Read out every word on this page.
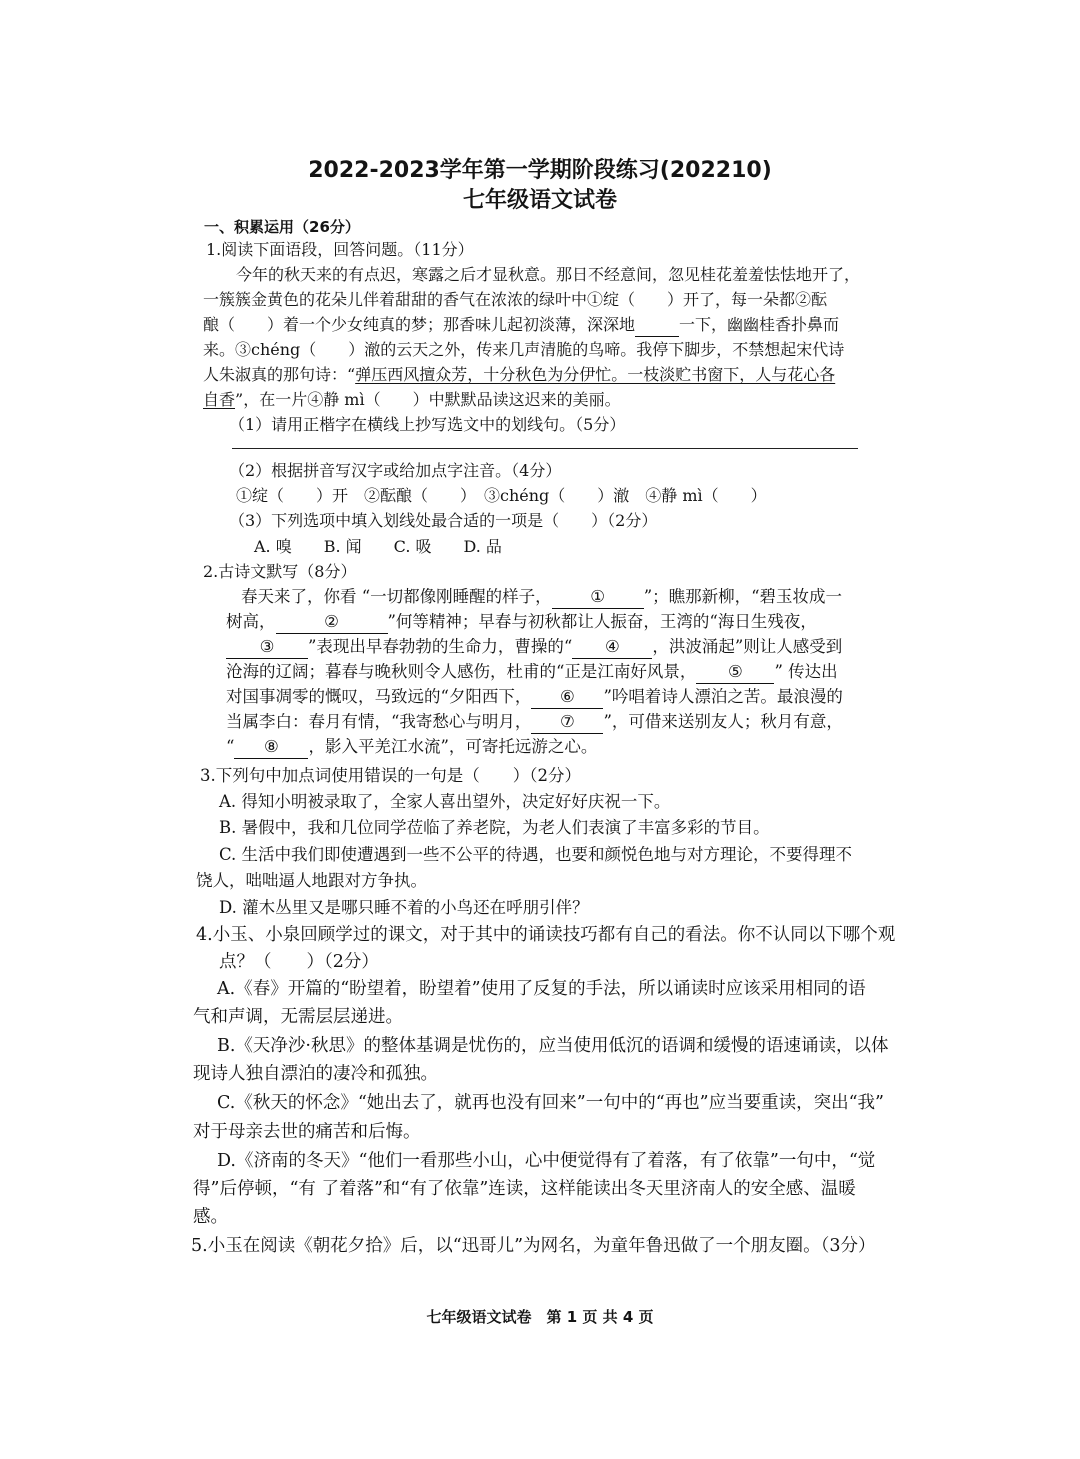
2022-2023学年第一学期阶段练习(202210)
七年级语文试卷
一、积累运用（26分）
1.阅读下面语段，回答问题。（11分）
今年的秋天来的有点迟，寒露之后才显秋意。那日不经意间，忽见桂花羞羞怯怯地开了，
一簇簇金黄色的花朵儿伴着甜甜的香气在浓浓的绿叶中①绽（　　）开了，每一朵都②酝
酿（　　）着一个少女纯真的梦；那香味儿起初淡薄，深深地	一下，幽幽桂香扑鼻而
来。③chéng（　　）澈的云天之外，传来几声清脆的鸟啼。我停下脚步，不禁想起宋代诗
人朱淑真的那句诗：“弹压西风擅众芳，十分秋色为分伊忙。一枝淡贮书窗下，人与花心各
自香”，在一片④静 mì（　　）中默默品读这迟来的美丽。
（1）请用正楷字在横线上抄写选文中的划线句。（5分）
（2）根据拼音写汉字或给加点字注音。（4分）
①绽（　　）开　②酝酿（　　）　③chéng（　　）澈　④静 mì（　　）
（3）下列选项中填入划线处最合适的一项是（　　）（2分）
A. 嗅　　B. 闻　　C. 吸　　D. 品
2.古诗文默写（8分）
春天来了，你看 “一切都像刚睡醒的样子， ① ”；瞧那新柳，“碧玉妆成一
树高，	②	”何等精神；早春与初秋都让人振奋，王湾的“海日生残夜，
③ ”表现出早春勃勃的生命力，曹操的“ ④ ，洪波涌起”则让人感受到
沧海的辽阔；暮春与晚秋则令人感伤，杜甫的“正是江南好风景， ⑤ ” 传达出
对国事凋零的慨叹，马致远的“夕阳西下， ⑥ ”吟唱着诗人漂泊之苦。最浪漫的
当属李白：春月有情，“我寄愁心与明月， ⑦ ”，可借来送别友人；秋月有意，
“ ⑧ ，影入平羌江水流”，可寄托远游之心。
3.下列句中加点词使用错误的一句是（　　）（2分）
A. 得知小明被录取了，全家人喜出望外，决定好好庆祝一下。
B. 暑假中，我和几位同学莅临了养老院，为老人们表演了丰富多彩的节目。
C. 生活中我们即使遭遇到一些不公平的待遇，也要和颜悦色地与对方理论，不要得理不
饶人，咄咄逼人地跟对方争执。
D. 灌木丛里又是哪只睡不着的小鸟还在呼朋引伴？
4.小玉、小泉回顾学过的课文，对于其中的诵读技巧都有自己的看法。你不认同以下哪个观
点？（　　）（2分）
A.《春》开篇的“盼望着，盼望着”使用了反复的手法，所以诵读时应该采用相同的语
气和声调，无需层层递进。
B.《天净沙·秋思》的整体基调是忧伤的，应当使用低沉的语调和缓慢的语速诵读，以体
现诗人独自漂泊的凄冷和孤独。
C.《秋天的怀念》“她出去了，就再也没有回来”一句中的“再也”应当要重读，突出“我”
对于母亲去世的痛苦和后悔。
D.《济南的冬天》“他们一看那些小山，心中便觉得有了着落，有了依靠”一句中，“觉
得”后停顿，“有 了着落”和“有了依靠”连读，这样能读出冬天里济南人的安全感、温暖
感。
5.小玉在阅读《朝花夕拾》后，以“迅哥儿”为网名，为童年鲁迅做了一个朋友圈。（3分）
七年级语文试卷　第 1 页 共 4 页
